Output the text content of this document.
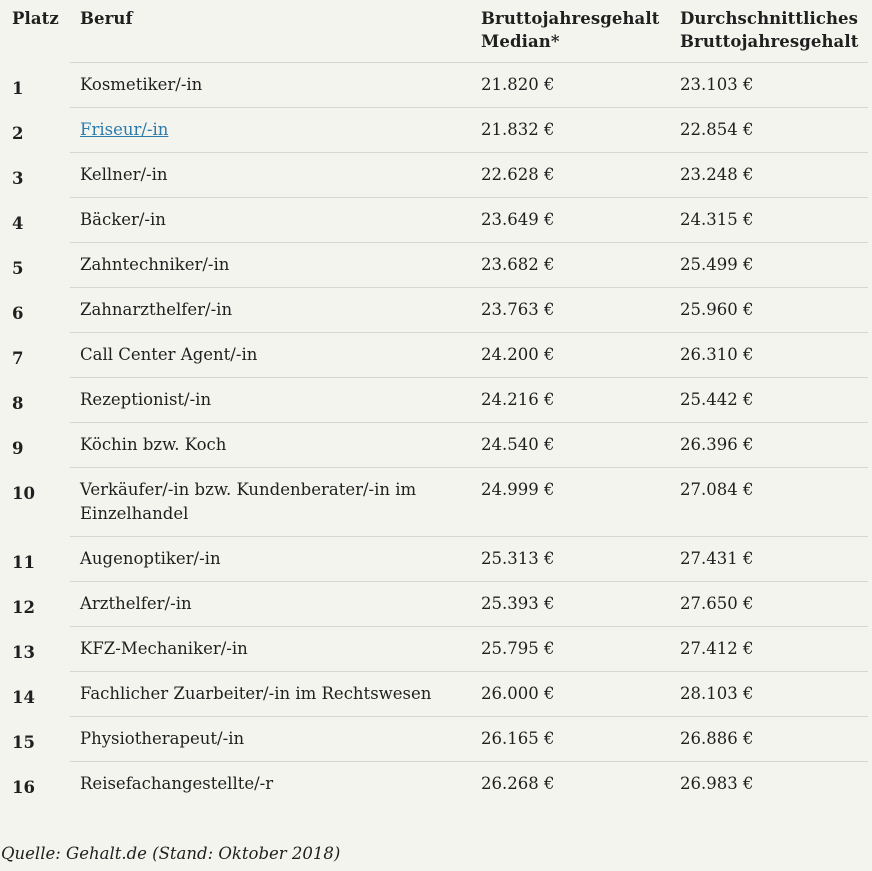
Platz	Beruf	Bruttojahresgehalt Median*	Durchschnittliches Bruttojahresgehalt
1	Kosmetiker/-in	21.820 €	23.103 €
2	Friseur/-in	21.832 €	22.854 €
3	Kellner/-in	22.628 €	23.248 €
4	Bäcker/-in	23.649 €	24.315 €
5	Zahntechniker/-in	23.682 €	25.499 €
6	Zahnarzthelfer/-in	23.763 €	25.960 €
7	Call Center Agent/-in	24.200 €	26.310 €
8	Rezeptionist/-in	24.216 €	25.442 €
9	Köchin bzw. Koch	24.540 €	26.396 €
10	Verkäufer/-in bzw. Kundenberater/-in im Einzelhandel	24.999 €	27.084 €
11	Augenoptiker/-in	25.313 €	27.431 €
12	Arzthelfer/-in	25.393 €	27.650 €
13	KFZ-Mechaniker/-in	25.795 €	27.412 €
14	Fachlicher Zuarbeiter/-in im Rechtswesen	26.000 €	28.103 €
15	Physiotherapeut/-in	26.165 €	26.886 €
16	Reisefachangestellte/-r	26.268 €	26.983 €
Quelle: Gehalt.de (Stand: Oktober 2018)
